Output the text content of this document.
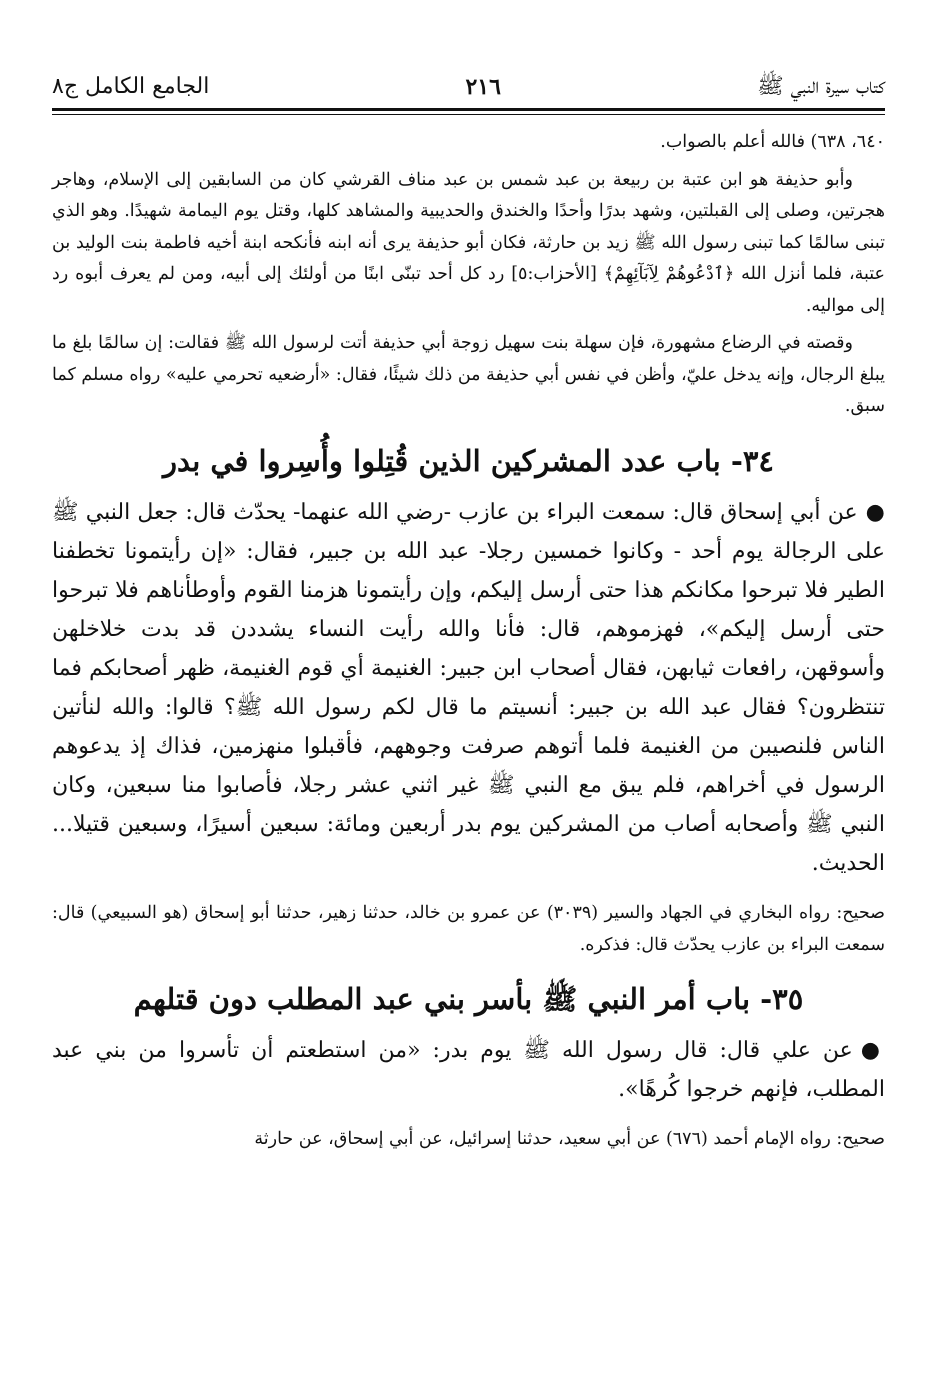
كتاب سيرة النبي ﷺ
٢١٦
الجامع الكامل ج٨

٦٤٠، ٦٣٨) فالله أعلم بالصواب.

وأبو حذيفة هو ابن عتبة بن ربيعة بن عبد شمس بن عبد مناف القرشي كان من السابقين إلى الإسلام، وهاجر هجرتين، وصلى إلى القبلتين، وشهد بدرًا وأحدًا والخندق والحديبية والمشاهد كلها، وقتل يوم اليمامة شهيدًا. وهو الذي تبنى سالمًا كما تبنى رسول الله ﷺ زيد بن حارثة، فكان أبو حذيفة يرى أنه ابنه فأنكحه ابنة أخيه فاطمة بنت الوليد بن عتبة، فلما أنزل الله ﴿ٱدْعُوهُمْ لِآبَآئِهِمْ﴾ [الأحزاب:٥] رد كل أحد تبنّى ابنًا من أولئك إلى أبيه، ومن لم يعرف أبوه رد إلى مواليه.

وقصته في الرضاع مشهورة، فإن سهلة بنت سهيل زوجة أبي حذيفة أتت لرسول الله ﷺ فقالت: إن سالمًا بلغ ما يبلغ الرجال، وإنه يدخل عليّ، وأظن في نفس أبي حذيفة من ذلك شيئًا، فقال: «أرضعيه تحرمي عليه» رواه مسلم كما سبق.

٣٤- باب عدد المشركين الذين قُتِلوا وأُسِروا في بدر

●عن أبي إسحاق قال: سمعت البراء بن عازب -رضي الله عنهما- يحدّث قال: جعل النبي ﷺ على الرجالة يوم أحد - وكانوا خمسين رجلا- عبد الله بن جبير، فقال: «إن رأيتمونا تخطفنا الطير فلا تبرحوا مكانكم هذا حتى أرسل إليكم، وإن رأيتمونا هزمنا القوم وأوطأناهم فلا تبرحوا حتى أرسل إليكم»، فهزموهم، قال: فأنا والله رأيت النساء يشددن قد بدت خلاخلهن وأسوقهن، رافعات ثيابهن، فقال أصحاب ابن جبير: الغنيمة أي قوم الغنيمة، ظهر أصحابكم فما تنتظرون؟ فقال عبد الله بن جبير: أنسيتم ما قال لكم رسول الله ﷺ؟ قالوا: والله لنأتين الناس فلنصيبن من الغنيمة فلما أتوهم صرفت وجوههم، فأقبلوا منهزمين، فذاك إذ يدعوهم الرسول في أخراهم، فلم يبق مع النبي ﷺ غير اثني عشر رجلا، فأصابوا منا سبعين، وكان النبي ﷺ وأصحابه أصاب من المشركين يوم بدر أربعين ومائة: سبعين أسيرًا، وسبعين قتيلا... الحديث.

صحيح: رواه البخاري في الجهاد والسير (٣٠٣٩) عن عمرو بن خالد، حدثنا زهير، حدثنا أبو إسحاق (هو السبيعي) قال: سمعت البراء بن عازب يحدّث قال: فذكره.

٣٥- باب أمر النبي ﷺ بأسر بني عبد المطلب دون قتلهم

●عن علي قال: قال رسول الله ﷺ يوم بدر: «من استطعتم أن تأسروا من بني عبد المطلب، فإنهم خرجوا كُرهًا».

صحيح: رواه الإمام أحمد (٦٧٦) عن أبي سعيد، حدثنا إسرائيل، عن أبي إسحاق، عن حارثة
